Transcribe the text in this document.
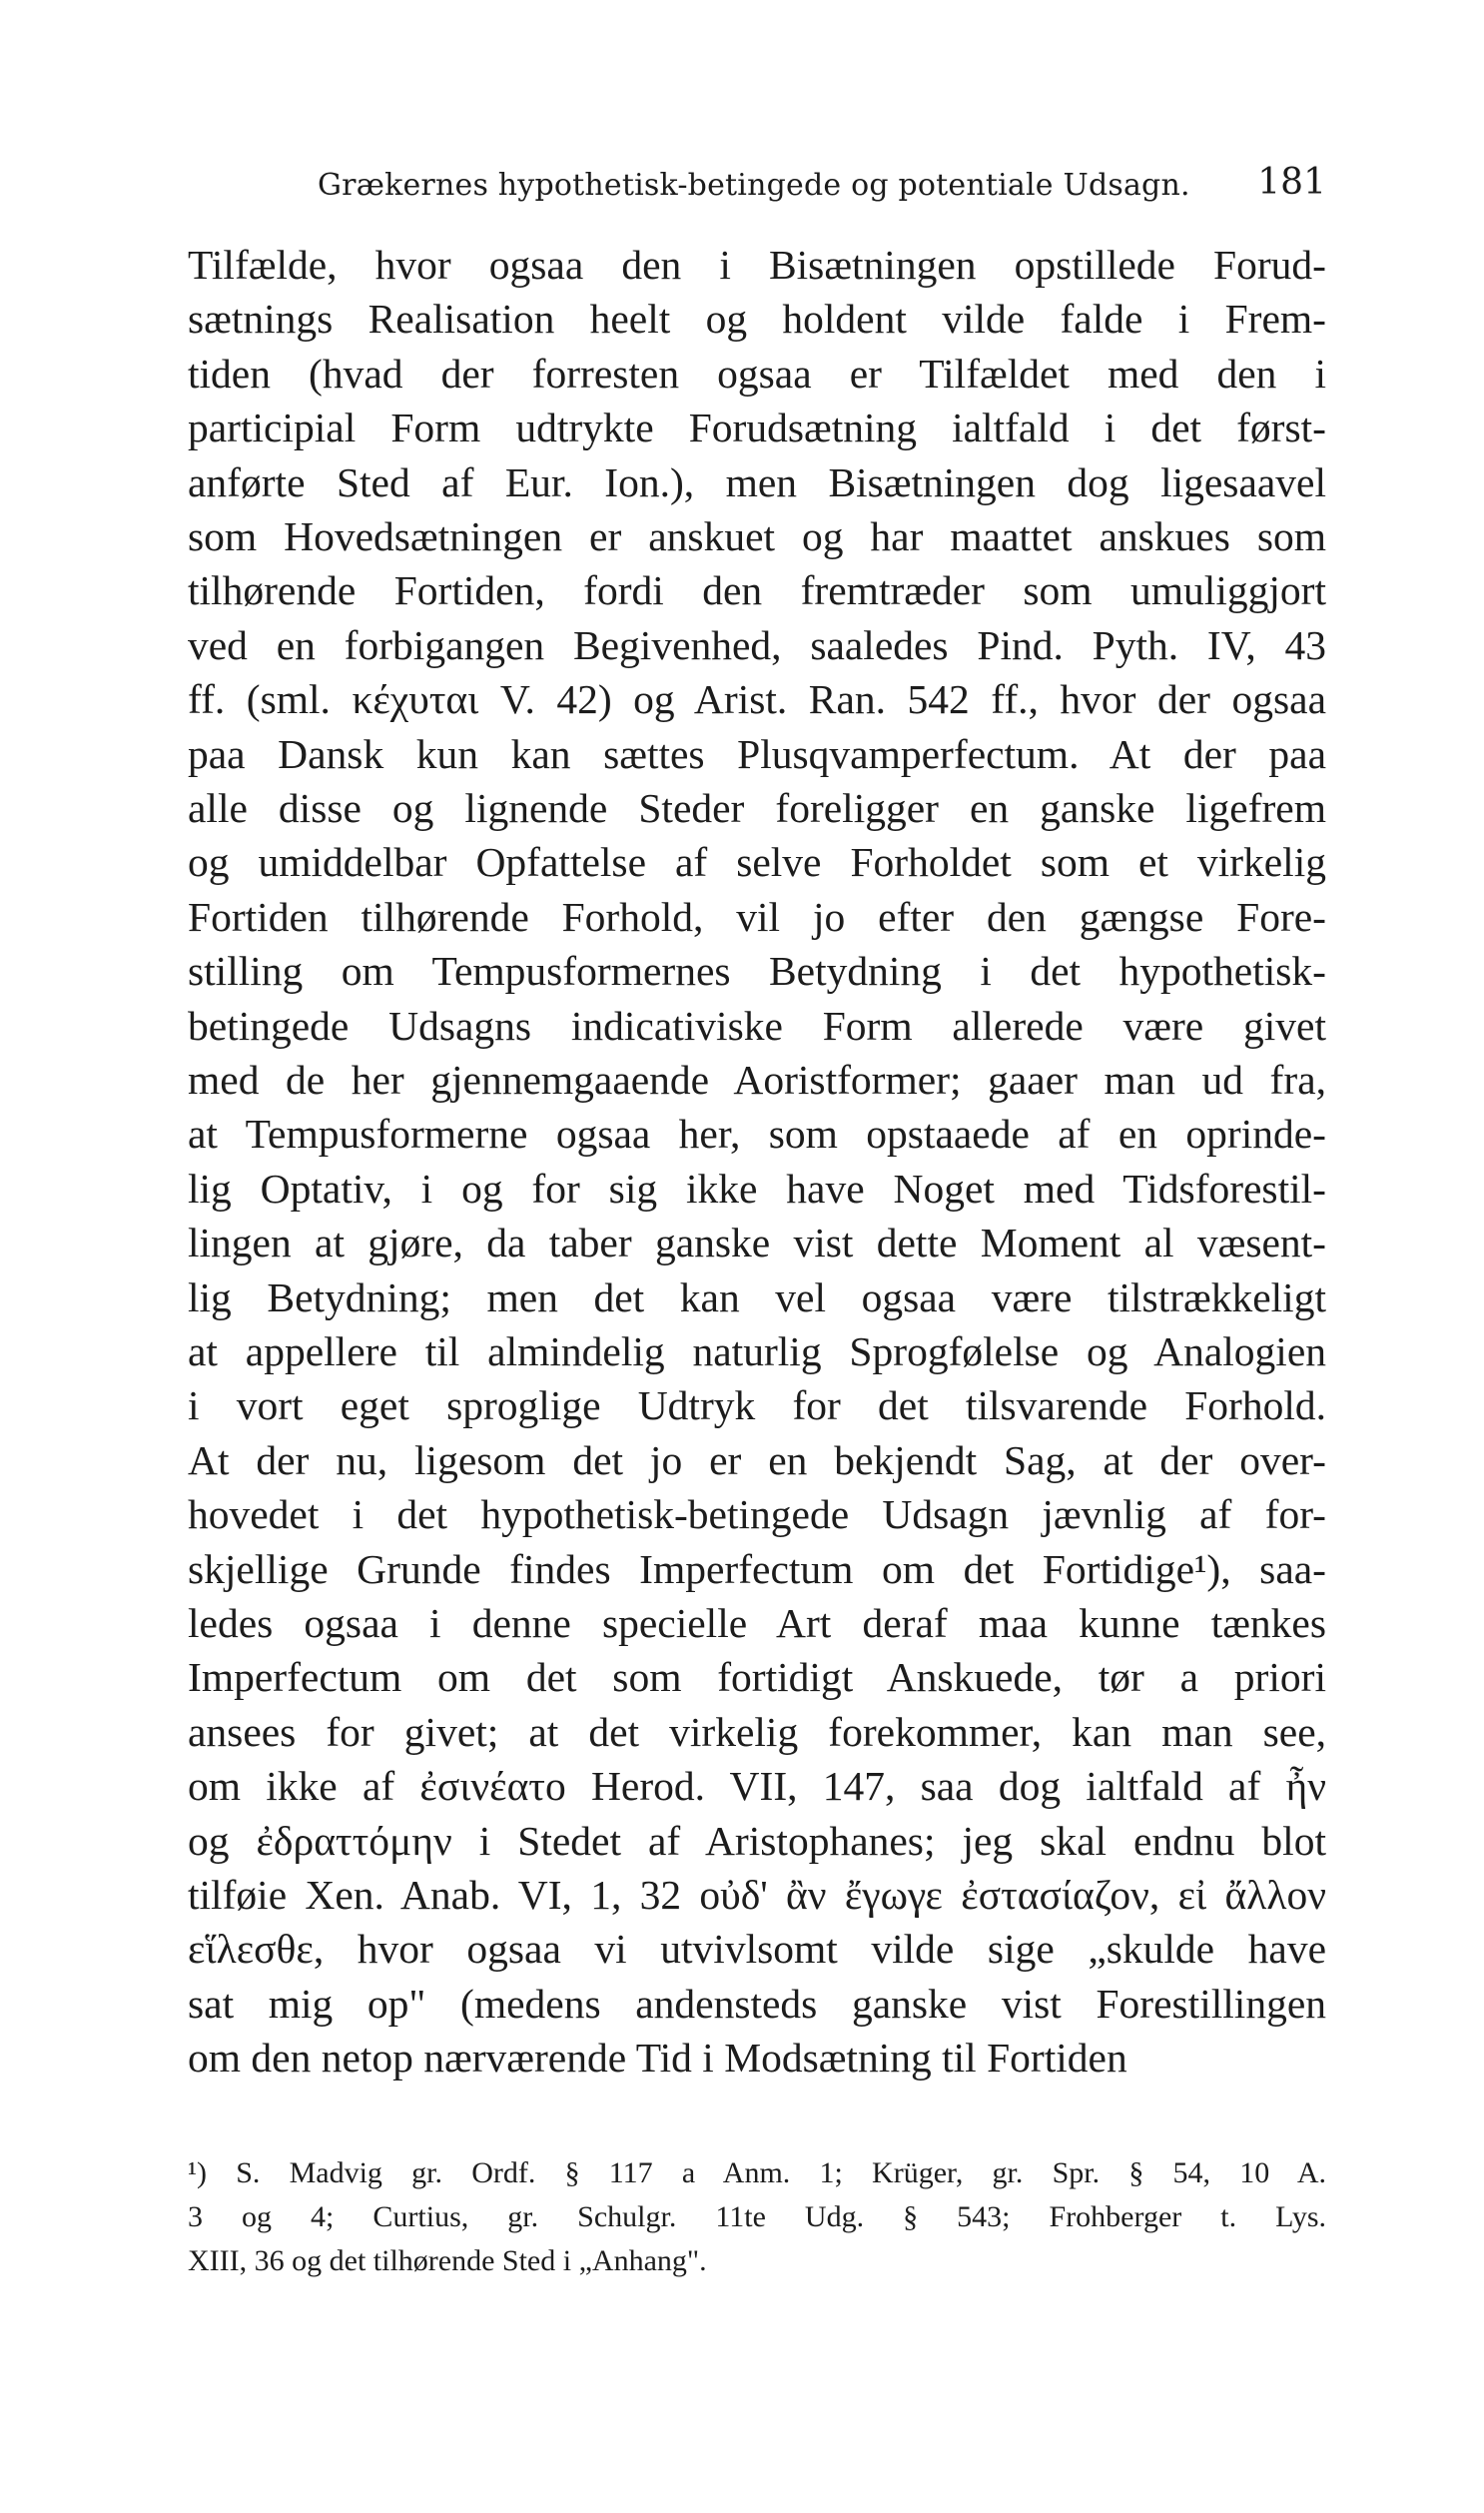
Grækernes hypothetisk-betingede og potentiale Udsagn. 181
Tilfælde, hvor ogsaa den i Bisætningen opstillede Forud-
sætnings Realisation heelt og holdent vilde falde i Frem-
tiden (hvad der forresten ogsaa er Tilfældet med den i
participial Form udtrykte Forudsætning ialtfald i det først-
anførte Sted af Eur. Ion.), men Bisætningen dog ligesaavel
som Hovedsætningen er anskuet og har maattet anskues som
tilhørende Fortiden, fordi den fremtræder som umuliggjort
ved en forbigangen Begivenhed, saaledes Pind. Pyth. IV, 43
ff. (sml. κέχυται V. 42) og Arist. Ran. 542 ff., hvor der ogsaa
paa Dansk kun kan sættes Plusqvamperfectum. At der paa
alle disse og lignende Steder foreligger en ganske ligefrem
og umiddelbar Opfattelse af selve Forholdet som et virkelig
Fortiden tilhørende Forhold, vil jo efter den gængse Fore-
stilling om Tempusformernes Betydning i det hypothetisk-
betingede Udsagns indicativiske Form allerede være givet
med de her gjennemgaaende Aoristformer; gaaer man ud fra,
at Tempusformerne ogsaa her, som opstaaede af en oprinde-
lig Optativ, i og for sig ikke have Noget med Tidsforestil-
lingen at gjøre, da taber ganske vist dette Moment al væsent-
lig Betydning; men det kan vel ogsaa være tilstrækkeligt
at appellere til almindelig naturlig Sprogfølelse og Analogien
i vort eget sproglige Udtryk for det tilsvarende Forhold.
At der nu, ligesom det jo er en bekjendt Sag, at der over-
hovedet i det hypothetisk-betingede Udsagn jævnlig af for-
skjellige Grunde findes Imperfectum om det Fortidige¹), saa-
ledes ogsaa i denne specielle Art deraf maa kunne tænkes
Imperfectum om det som fortidigt Anskuede, tør a priori
ansees for givet; at det virkelig forekommer, kan man see,
om ikke af ἐσινέατο Herod. VII, 147, saa dog ialtfald af ἦν
og ἐδραττόμην i Stedet af Aristophanes; jeg skal endnu blot
tilføie Xen. Anab. VI, 1, 32 οὐδ' ἂν ἔγωγε ἐστασίαζον, εἰ ἄλλον
εἵλεσθε, hvor ogsaa vi utvivlsomt vilde sige „skulde have
sat mig op" (medens andensteds ganske vist Forestillingen
om den netop nærværende Tid i Modsætning til Fortiden
¹) S. Madvig gr. Ordf. § 117 a Anm. 1; Krüger, gr. Spr. § 54, 10 A.
3 og 4; Curtius, gr. Schulgr. 11te Udg. § 543; Frohberger t. Lys.
XIII, 36 og det tilhørende Sted i „Anhang".
